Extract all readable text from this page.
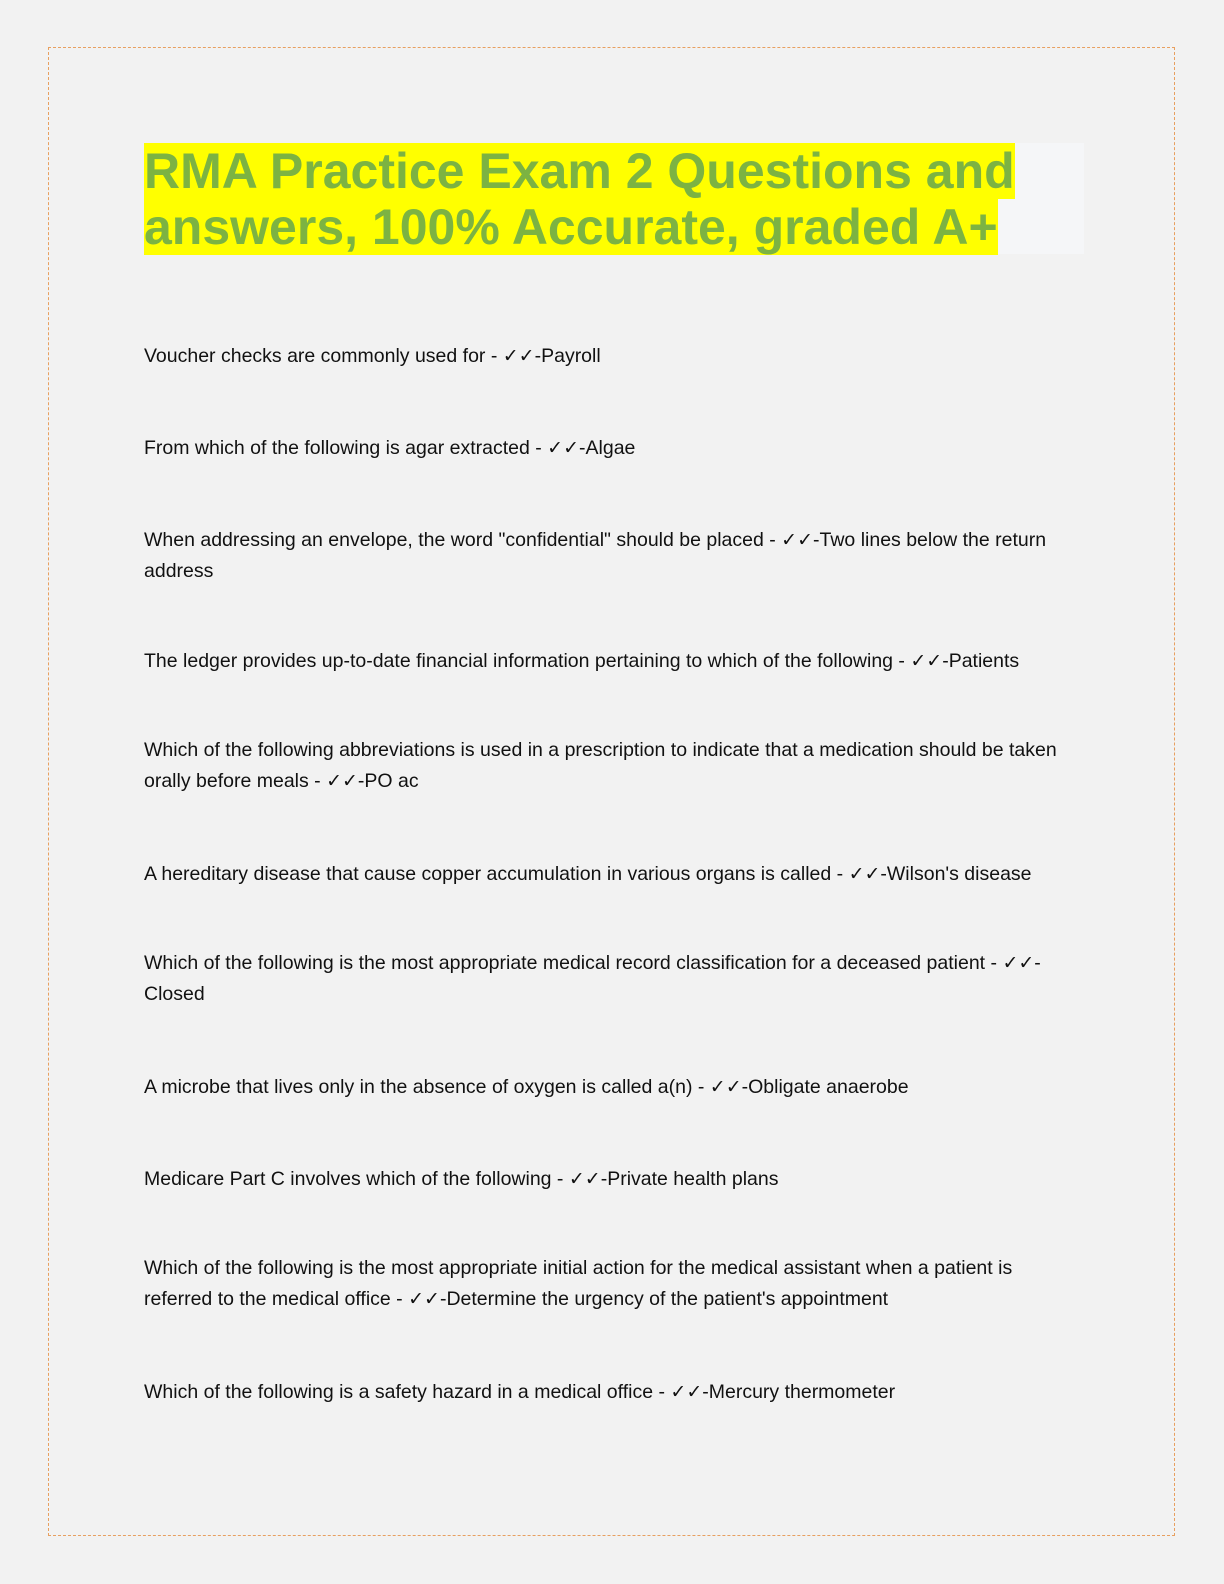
RMA Practice Exam 2 Questions and answers, 100% Accurate, graded A+

Voucher checks are commonly used for - ✓✓-Payroll

From which of the following is agar extracted - ✓✓-Algae

When addressing an envelope, the word "confidential" should be placed - ✓✓-Two lines below the return address

The ledger provides up-to-date financial information pertaining to which of the following - ✓✓-Patients

Which of the following abbreviations is used in a prescription to indicate that a medication should be taken orally before meals - ✓✓-PO ac

A hereditary disease that cause copper accumulation in various organs is called - ✓✓-Wilson's disease

Which of the following is the most appropriate medical record classification for a deceased patient - ✓✓-Closed

A microbe that lives only in the absence of oxygen is called a(n) - ✓✓-Obligate anaerobe

Medicare Part C involves which of the following - ✓✓-Private health plans

Which of the following is the most appropriate initial action for the medical assistant when a patient is referred to the medical office - ✓✓-Determine the urgency of the patient's appointment

Which of the following is a safety hazard in a medical office - ✓✓-Mercury thermometer
